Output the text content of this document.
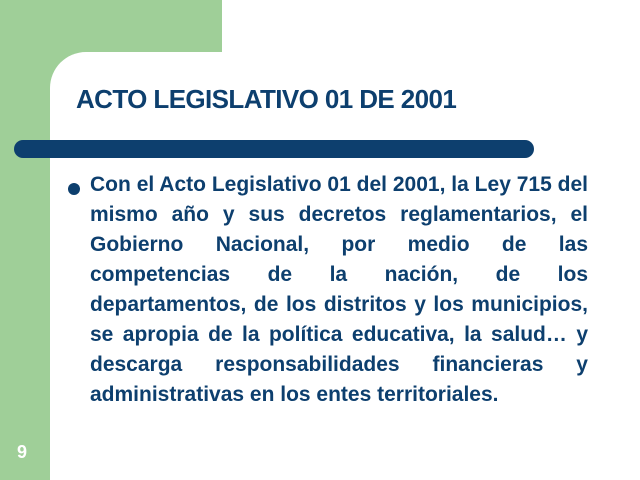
ACTO LEGISLATIVO 01 DE 2001

Con el Acto Legislativo 01 del 2001, la Ley 715 del mismo año y sus decretos reglamentarios, el Gobierno Nacional, por medio de las competencias de la nación, de los departamentos, de los distritos y los municipios, se apropia de la política educativa, la salud… y descarga responsabilidades financieras y administrativas en los entes territoriales.

9
